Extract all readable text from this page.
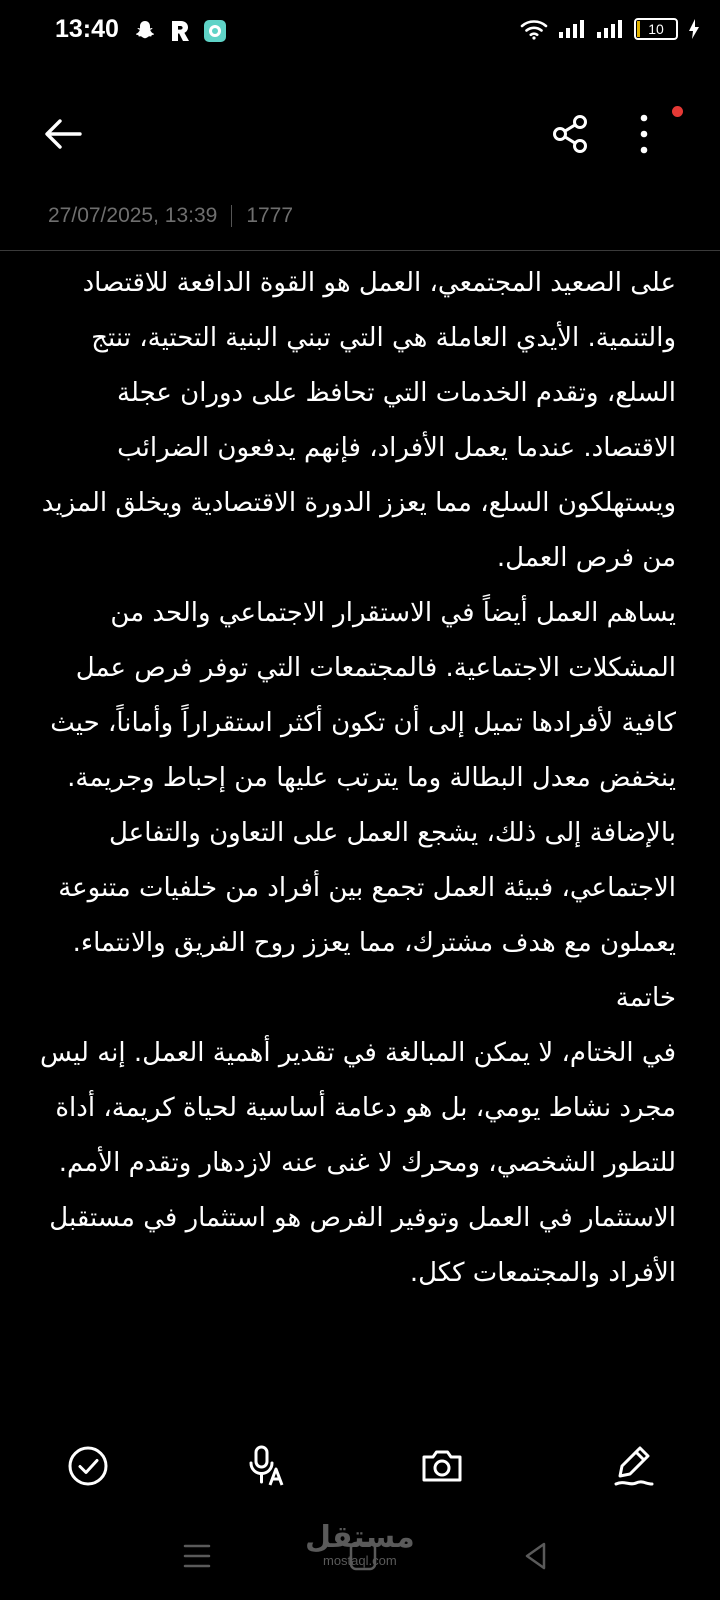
13:40	10
27/07/2025, 13:39 1777

على الصعيد المجتمعي، العمل هو القوة الدافعة للاقتصاد والتنمية. الأيدي العاملة هي التي تبني البنية التحتية، تنتج السلع، وتقدم الخدمات التي تحافظ على دوران عجلة الاقتصاد. عندما يعمل الأفراد، فإنهم يدفعون الضرائب ويستهلكون السلع، مما يعزز الدورة الاقتصادية ويخلق المزيد من فرص العمل.
يساهم العمل أيضاً في الاستقرار الاجتماعي والحد من المشكلات الاجتماعية. فالمجتمعات التي توفر فرص عمل كافية لأفرادها تميل إلى أن تكون أكثر استقراراً وأماناً، حيث ينخفض معدل البطالة وما يترتب عليها من إحباط وجريمة. بالإضافة إلى ذلك، يشجع العمل على التعاون والتفاعل الاجتماعي، فبيئة العمل تجمع بين أفراد من خلفيات متنوعة يعملون مع هدف مشترك، مما يعزز روح الفريق والانتماء.
خاتمة
في الختام، لا يمكن المبالغة في تقدير أهمية العمل. إنه ليس مجرد نشاط يومي، بل هو دعامة أساسية لحياة كريمة، أداة للتطور الشخصي، ومحرك لا غنى عنه لازدهار وتقدم الأمم. الاستثمار في العمل وتوفير الفرص هو استثمار في مستقبل الأفراد والمجتمعات ككل.

مستقل
mostaql.com
